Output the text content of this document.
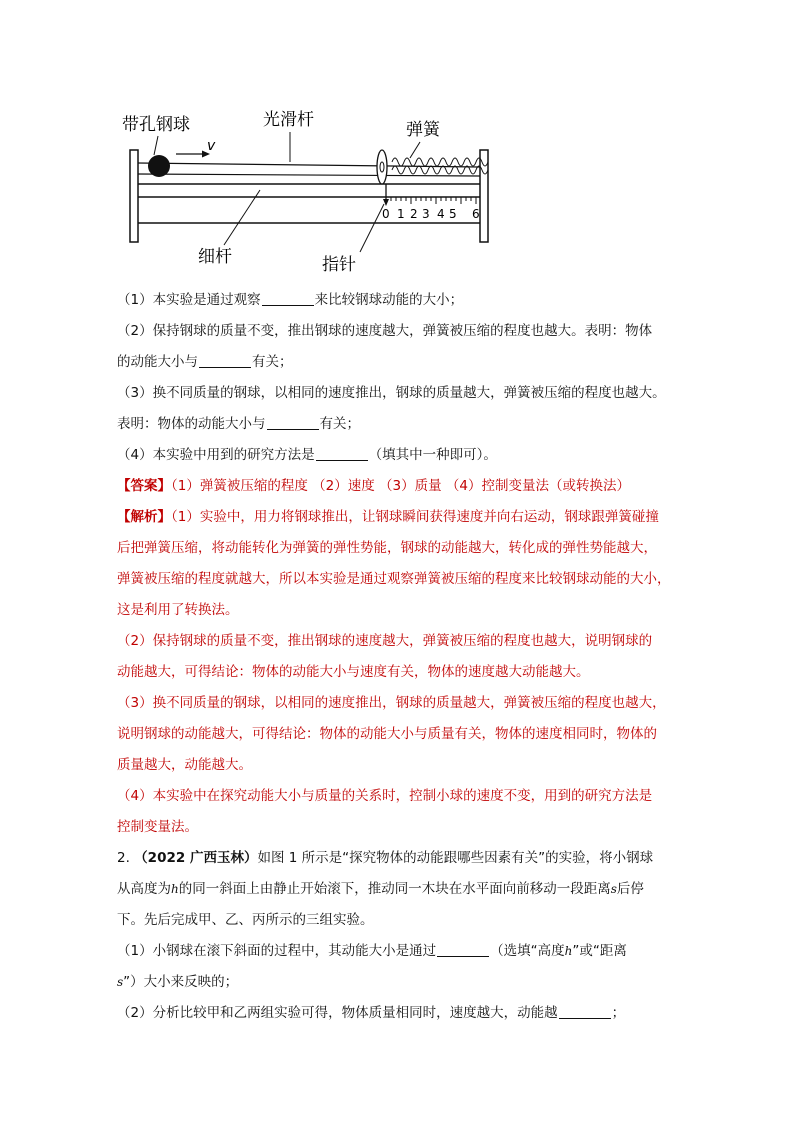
v
0 1 2 3 4 5 6
带孔钢球	光滑杆	弹簧
细杆	指针
（1）本实验是通过观察	来比较钢球动能的大小；
（2）保持钢球的质量不变，推出钢球的速度越大，弹簧被压缩的程度也越大。表明：物体
的动能大小与	有关；
（3）换不同质量的钢球，以相同的速度推出，钢球的质量越大，弹簧被压缩的程度也越大。
表明：物体的动能大小与	有关；
（4）本实验中用到的研究方法是	（填其中一种即可）。
【答案】（1）弹簧被压缩的程度 （2）速度 （3）质量 （4）控制变量法（或转换法）
【解析】（1）实验中，用力将钢球推出，让钢球瞬间获得速度并向右运动，钢球跟弹簧碰撞
后把弹簧压缩，将动能转化为弹簧的弹性势能，钢球的动能越大，转化成的弹性势能越大，
弹簧被压缩的程度就越大，所以本实验是通过观察弹簧被压缩的程度来比较钢球动能的大小，
这是利用了转换法。
（2）保持钢球的质量不变，推出钢球的速度越大，弹簧被压缩的程度也越大，说明钢球的
动能越大，可得结论：物体的动能大小与速度有关，物体的速度越大动能越大。
（3）换不同质量的钢球，以相同的速度推出，钢球的质量越大，弹簧被压缩的程度也越大，
说明钢球的动能越大，可得结论：物体的动能大小与质量有关，物体的速度相同时，物体的
质量越大，动能越大。
（4）本实验中在探究动能大小与质量的关系时，控制小球的速度不变，用到的研究方法是
控制变量法。
2. （2022 广西玉林）如图 1 所示是“探究物体的动能跟哪些因素有关”的实验，将小钢球
从高度为h的同一斜面上由静止开始滚下，推动同一木块在水平面向前移动一段距离s后停
下。先后完成甲、乙、丙所示的三组实验。
（1）小钢球在滚下斜面的过程中，其动能大小是通过	（选填“高度h”或“距离
s”）大小来反映的；
（2）分析比较甲和乙两组实验可得，物体质量相同时，速度越大，动能越	；
